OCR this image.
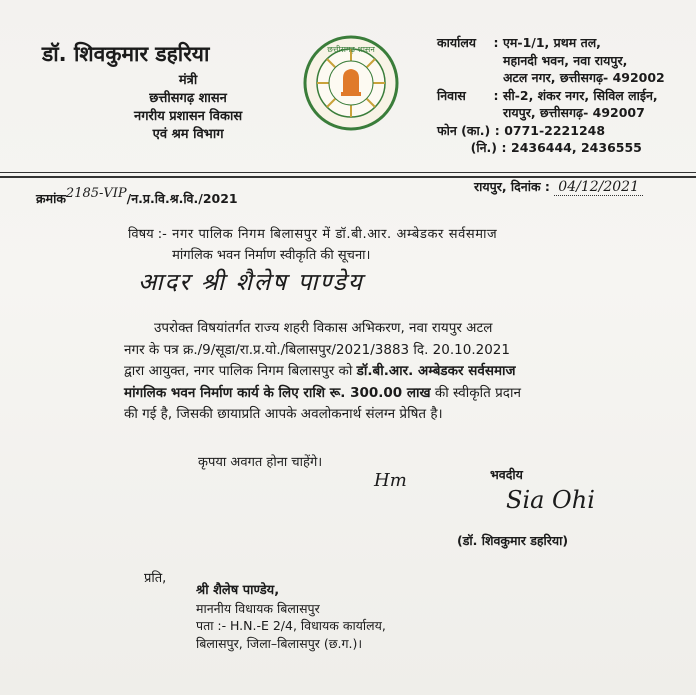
डॉ. शिवकुमार डहरिया
मंत्री
छत्तीसगढ़ शासन
नगरीय प्रशासन विकास
एवं श्रम विभाग
छत्तीसगढ़ शासन	कार्यालय	: एम-1/1, प्रथम तल,
महानदी भवन, नवा रायपुर,
अटल नगर, छत्तीसगढ़- 492002
निवास	: सी-2, शंकर नगर, सिविल लाईन,
रायपुर, छत्तीसगढ़- 492007
फोन (का.) : 0771-2221248
(नि.) : 2436444, 2436555
क्रमांक2185-VIP/न.प्र.वि.श्र.वि./2021
रायपुर, दिनांक : 04/12/2021
विषय :- नगर पालिक निगम बिलासपुर में डॉ.बी.आर. अम्बेडकर सर्वसमाज
मांगलिक भवन निर्माण स्वीकृति की सूचना।
आदर श्री शैलेष पाण्डेय
उपरोक्त विषयांतर्गत राज्य शहरी विकास अभिकरण, नवा रायपुर अटल
नगर के पत्र क्र./9/सूडा/रा.प्र.यो./बिलासपुर/2021/3883 दि. 20.10.2021
द्वारा आयुक्त, नगर पालिक निगम बिलासपुर को डॉ.बी.आर. अम्बेडकर सर्वसमाज
मांगलिक भवन निर्माण कार्य के लिए राशि रू. 300.00 लाख की स्वीकृति प्रदान
की गई है, जिसकी छायाप्रति आपके अवलोकनार्थ संलग्न प्रेषित है।
कृपया अवगत होना चाहेंगे।
Hm	भवदीय
Sia Ohi
(डॉ. शिवकुमार डहरिया)
प्रति,
श्री शैलेष पाण्डेय,
माननीय विधायक बिलासपुर
पता :- H.N.-E 2/4, विधायक कार्यालय,
बिलासपुर, जिला–बिलासपुर (छ.ग.)।
